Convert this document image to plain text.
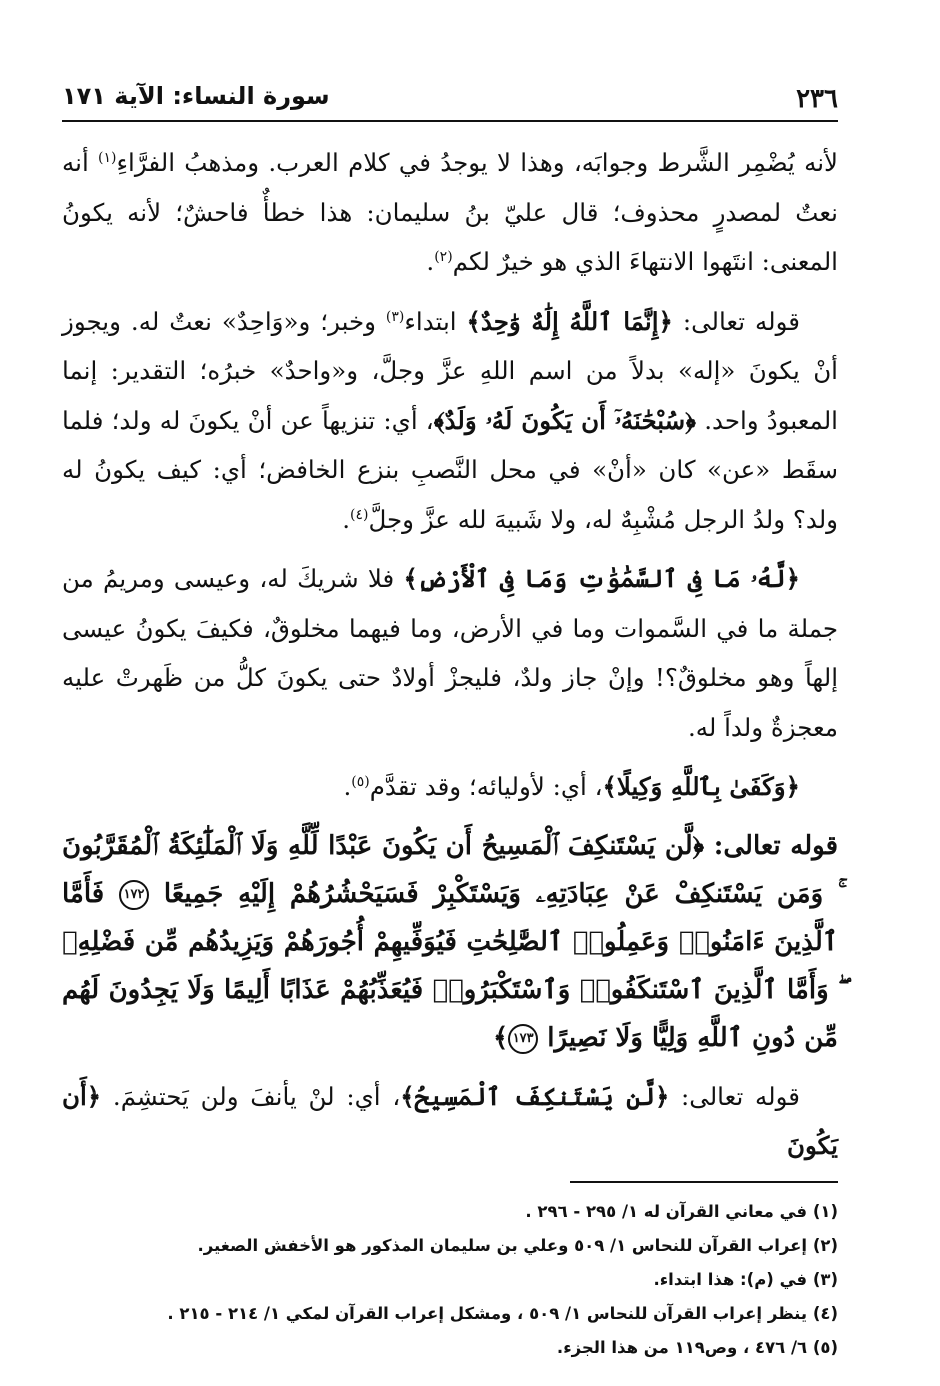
٢٣٦
سورة النساء: الآية ١٧١

لأنه يُضْمِر الشَّرط وجوابَه، وهذا لا يوجدُ في كلام العرب. ومذهبُ الفرَّاءِ$^{(١)}$ أنه نعتٌ لمصدرٍ محذوف؛ قال عليّ بنُ سليمان: هذا خطأٌ فاحشٌ؛ لأنه يكونُ المعنى: انتَهوا الانتهاءَ الذي هو خيرٌ لكم$^{(٢)}$.

قوله تعالى: ﴿إِنَّمَا ٱللَّهُ إِلَٰهٌ وَٰحِدٌ﴾ ابتداء$^{(٣)}$ وخبر؛ و«وَاحِدٌ» نعتٌ له. ويجوز أنْ يكونَ «إله» بدلاً من اسم اللهِ عزَّ وجلَّ، و«واحدٌ» خبرُه؛ التقدير: إنما المعبودُ واحد. ﴿سُبْحَٰنَهُۥٓ أَن يَكُونَ لَهُۥ وَلَدٌ﴾، أي: تنزيهاً عن أنْ يكونَ له ولد؛ فلما سقَط «عن» كان «أنْ» في محل النَّصبِ بنزع الخافض؛ أي: كيف يكونُ له ولد؟ ولدُ الرجل مُشْبِهٌ له، ولا شَبيهَ لله عزَّ وجلَّ$^{(٤)}$.

﴿لَّهُۥ مَا فِى ٱلسَّمَٰوَٰتِ وَمَا فِى ٱلْأَرْضِ﴾ فلا شريكَ له، وعيسى ومريمُ من جملة ما في السَّموات وما في الأرض، وما فيهما مخلوقٌ، فكيفَ يكونُ عيسى إلهاً وهو مخلوقٌ؟! وإنْ جاز ولدٌ، فليجزْ أولادٌ حتى يكونَ كلُّ من ظَهرتْ عليه معجزةٌ ولداً له.

﴿وَكَفَىٰ بِٱللَّهِ وَكِيلًا﴾، أي: لأوليائه؛ وقد تقدَّم$^{(٥)}$.

قوله تعالى: ﴿لَّن يَسْتَنكِفَ ٱلْمَسِيحُ أَن يَكُونَ عَبْدًا لِّلَّهِ وَلَا ٱلْمَلَٰٓئِكَةُ ٱلْمُقَرَّبُونَ ۚ وَمَن يَسْتَنكِفْ عَنْ عِبَادَتِهِۦ وَيَسْتَكْبِرْ فَسَيَحْشُرُهُمْ إِلَيْهِ جَمِيعًا ١٧٢ فَأَمَّا ٱلَّذِينَ ءَامَنُوا۟ وَعَمِلُوا۟ ٱلصَّٰلِحَٰتِ فَيُوَفِّيهِمْ أُجُورَهُمْ وَيَزِيدُهُم مِّن فَضْلِهِۦ ۖ وَأَمَّا ٱلَّذِينَ ٱسْتَنكَفُوا۟ وَٱسْتَكْبَرُوا۟ فَيُعَذِّبُهُمْ عَذَابًا أَلِيمًا وَلَا يَجِدُونَ لَهُم مِّن دُونِ ٱللَّهِ وَلِيًّا وَلَا نَصِيرًا ١٧٣﴾

قوله تعالى: ﴿لَّن يَسْتَنكِفَ ٱلْمَسِيحُ﴾، أي: لنْ يأنفَ ولن يَحتشِمَ. ﴿أَن يَكُونَ

(١) في معاني القرآن له ١/ ٢٩٥ - ٢٩٦ .
(٢) إعراب القرآن للنحاس ١/ ٥٠٩ وعلي بن سليمان المذكور هو الأخفش الصغير.
(٣) في (م): هذا ابتداء.
(٤) ينظر إعراب القرآن للنحاس ١/ ٥٠٩ ، ومشكل إعراب القرآن لمكي ١/ ٢١٤ - ٢١٥ .
(٥) ٦/ ٤٧٦ ، وص١١٩ من هذا الجزء.
